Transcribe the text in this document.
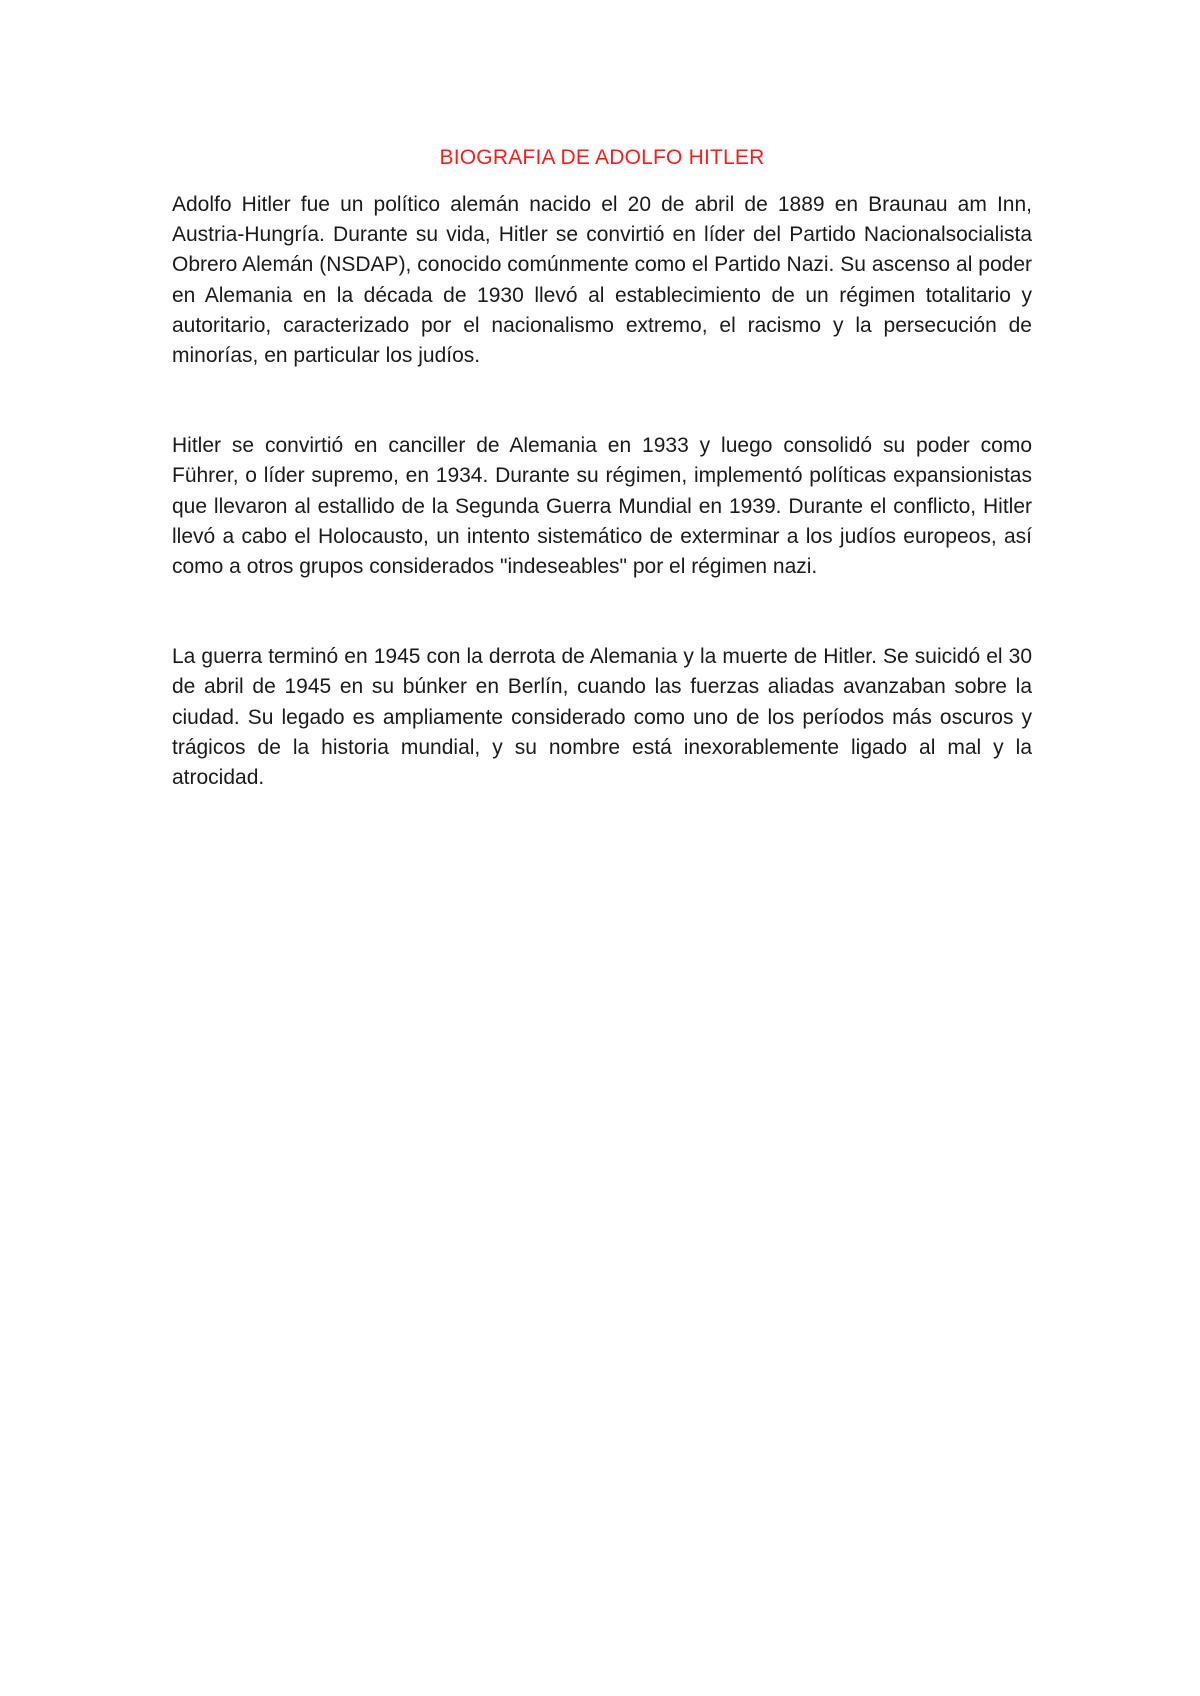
BIOGRAFIA DE ADOLFO HITLER

Adolfo Hitler fue un político alemán nacido el 20 de abril de 1889 en Braunau am Inn, Austria-Hungría. Durante su vida, Hitler se convirtió en líder del Partido Nacionalsocialista Obrero Alemán (NSDAP), conocido comúnmente como el Partido Nazi. Su ascenso al poder en Alemania en la década de 1930 llevó al establecimiento de un régimen totalitario y autoritario, caracterizado por el nacionalismo extremo, el racismo y la persecución de minorías, en particular los judíos.

Hitler se convirtió en canciller de Alemania en 1933 y luego consolidó su poder como Führer, o líder supremo, en 1934. Durante su régimen, implementó políticas expansionistas que llevaron al estallido de la Segunda Guerra Mundial en 1939. Durante el conflicto, Hitler llevó a cabo el Holocausto, un intento sistemático de exterminar a los judíos europeos, así como a otros grupos considerados "indeseables" por el régimen nazi.

La guerra terminó en 1945 con la derrota de Alemania y la muerte de Hitler. Se suicidó el 30 de abril de 1945 en su búnker en Berlín, cuando las fuerzas aliadas avanzaban sobre la ciudad. Su legado es ampliamente considerado como uno de los períodos más oscuros y trágicos de la historia mundial, y su nombre está inexorablemente ligado al mal y la atrocidad.
